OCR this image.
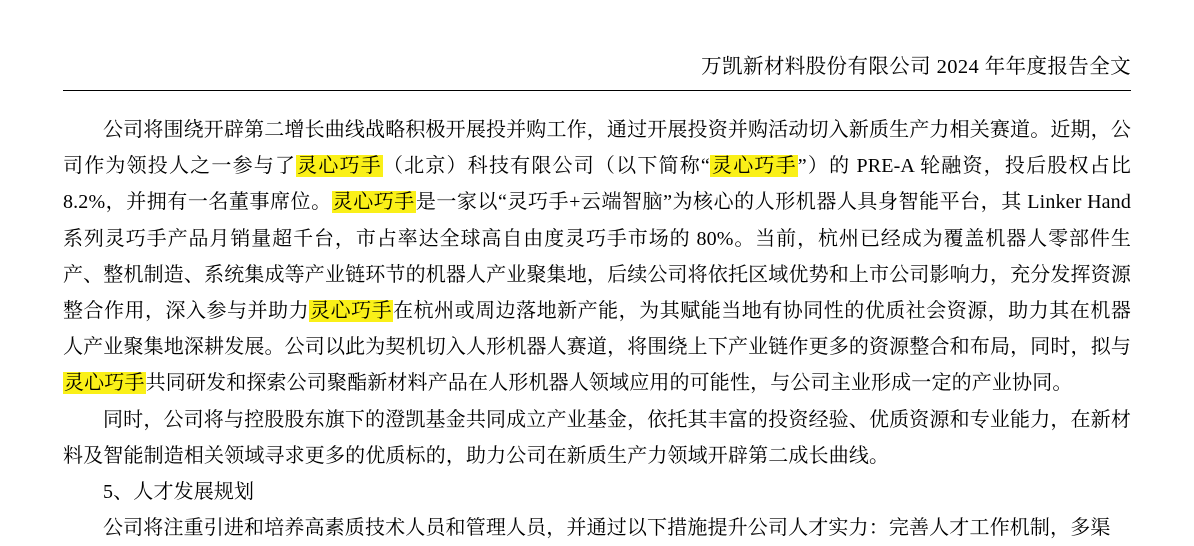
万凯新材料股份有限公司 2024 年年度报告全文

公司将围绕开辟第二增长曲线战略积极开展投并购工作，通过开展投资并购活动切入新质生产力相关赛道。近期，公司作为领投人之一参与了灵心巧手（北京）科技有限公司（以下简称“灵心巧手”）的 PRE-A 轮融资，投后股权占比 8.2%，并拥有一名董事席位。灵心巧手是一家以“灵巧手+云端智脑”为核心的人形机器人具身智能平台，其 Linker Hand 系列灵巧手产品月销量超千台，市占率达全球高自由度灵巧手市场的 80%。当前，杭州已经成为覆盖机器人零部件生产、整机制造、系统集成等产业链环节的机器人产业聚集地，后续公司将依托区域优势和上市公司影响力，充分发挥资源整合作用，深入参与并助力灵心巧手在杭州或周边落地新产能，为其赋能当地有协同性的优质社会资源，助力其在机器人产业聚集地深耕发展。公司以此为契机切入人形机器人赛道，将围绕上下产业链作更多的资源整合和布局，同时，拟与灵心巧手共同研发和探索公司聚酯新材料产品在人形机器人领域应用的可能性，与公司主业形成一定的产业协同。

同时，公司将与控股股东旗下的澄凯基金共同成立产业基金，依托其丰富的投资经验、优质资源和专业能力，在新材料及智能制造相关领域寻求更多的优质标的，助力公司在新质生产力领域开辟第二成长曲线。

5、人才发展规划

公司将注重引进和培养高素质技术人员和管理人员，并通过以下措施提升公司人才实力：完善人才工作机制，多渠
